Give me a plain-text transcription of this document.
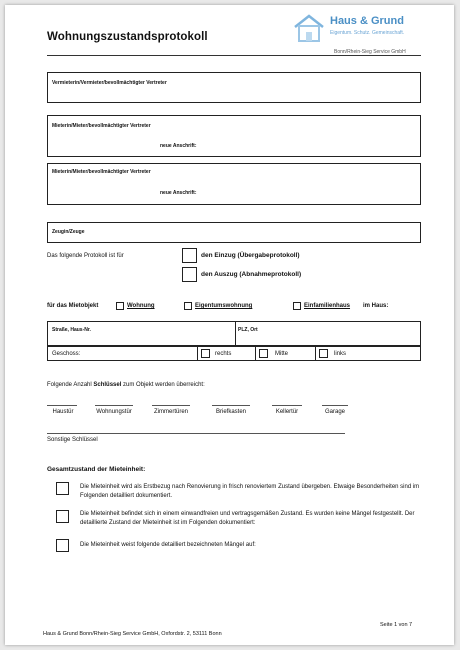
Wohnungszustandsprotokoll
Haus & Grund
Eigentum. Schutz. Gemeinschaft.
Bonn/Rhein-Sieg Service GmbH
Vermieterin/Vermieter/bevollmächtigter Vertreter
Mieterin/Mieter/bevollmächtigter Vertreter
neue Anschrift:
Mieterin/Mieter/bevollmächtigter Vertreter
neue Anschrift:
Zeugin/Zeuge
Das folgende Protokoll ist für	den Einzug (Übergabeprotokoll)
den Auszug (Abnahmeprotokoll)
für das Mietobjekt	Wohnung	Eigentumswohnung	Einfamilienhaus im Haus:
Straße, Haus-Nr.	PLZ, Ort
Geschoss:	rechts	Mitte	links
Folgende Anzahl Schlüssel zum Objekt werden überreicht:
Haustür	Wohnungstür	Zimmertüren	Briefkasten	Kellertür	Garage
Sonstige Schlüssel
Gesamtzustand der Mieteinheit:
Die Mieteinheit wird als Erstbezug nach Renovierung in frisch renoviertem Zustand übergeben. Etwaige Besonderheiten sind im Folgenden detailliert dokumentiert.
Die Mieteinheit befindet sich in einem einwandfreien und vertragsgemäßen Zustand. Es wurden keine Mängel festgestellt. Der detaillierte Zustand der Mieteinheit ist im Folgenden dokumentiert:
Die Mieteinheit weist folgende detailliert bezeichneten Mängel auf:
Seite 1 von 7
Haus & Grund Bonn/Rhein-Sieg Service GmbH, Oxfordstr. 2, 53111 Bonn
